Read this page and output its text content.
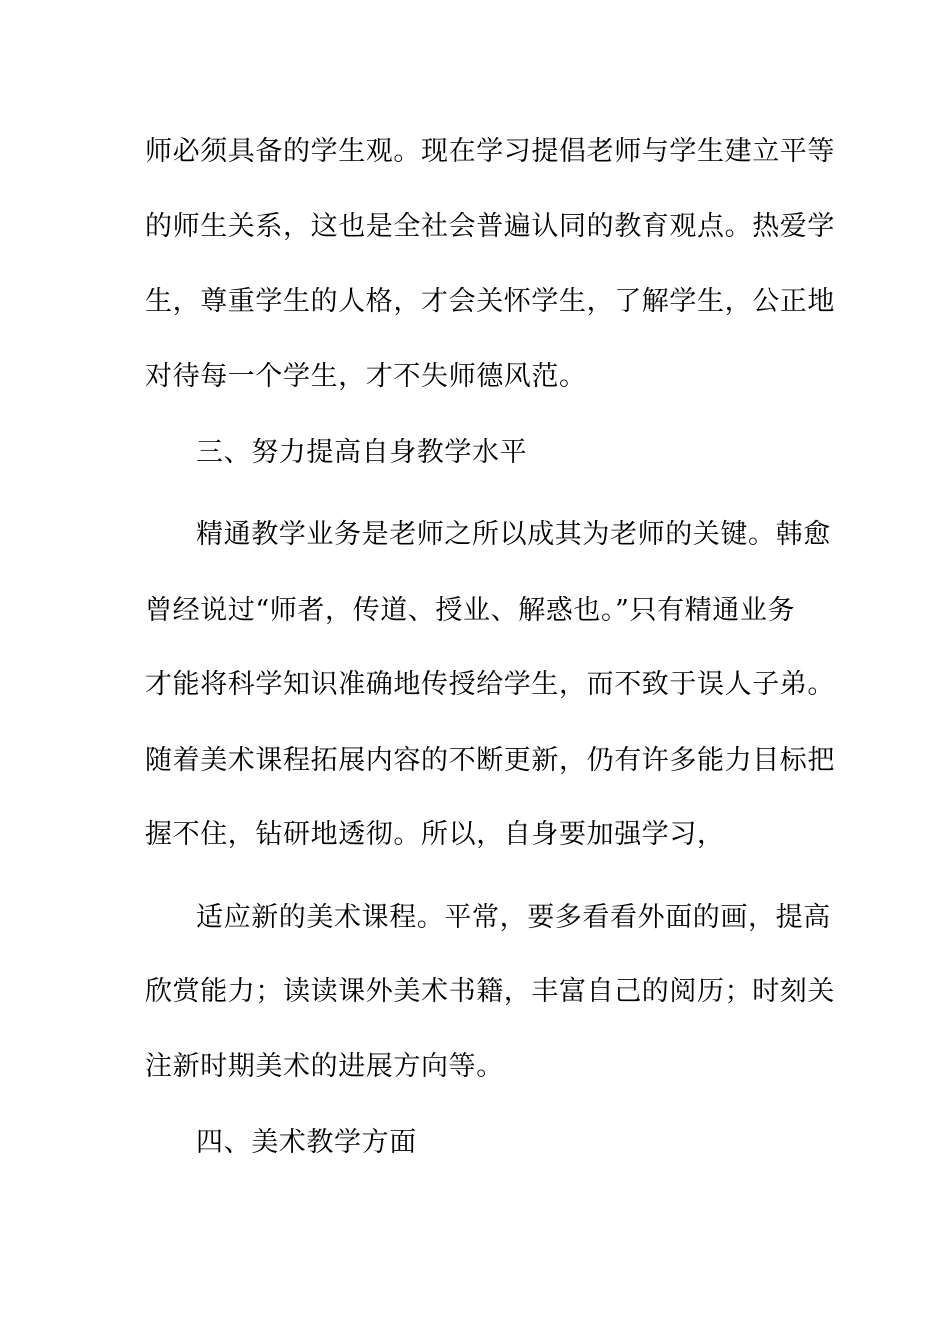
师必须具备的学生观。现在学习提倡老师与学生建立平等
的师生关系，这也是全社会普遍认同的教育观点。热爱学
生，尊重学生的人格，才会关怀学生，了解学生，公正地
对待每一个学生，才不失师德风范。
三、努力提高自身教学水平
精通教学业务是老师之所以成其为老师的关键。韩愈
曾经说过“师者，传道、授业、解惑也。”只有精通业务
才能将科学知识准确地传授给学生，而不致于误人子弟。
随着美术课程拓展内容的不断更新，仍有许多能力目标把
握不住，钻研地透彻。所以，自身要加强学习，
适应新的美术课程。平常，要多看看外面的画，提高
欣赏能力；读读课外美术书籍，丰富自己的阅历；时刻关
注新时期美术的进展方向等。
四、美术教学方面
